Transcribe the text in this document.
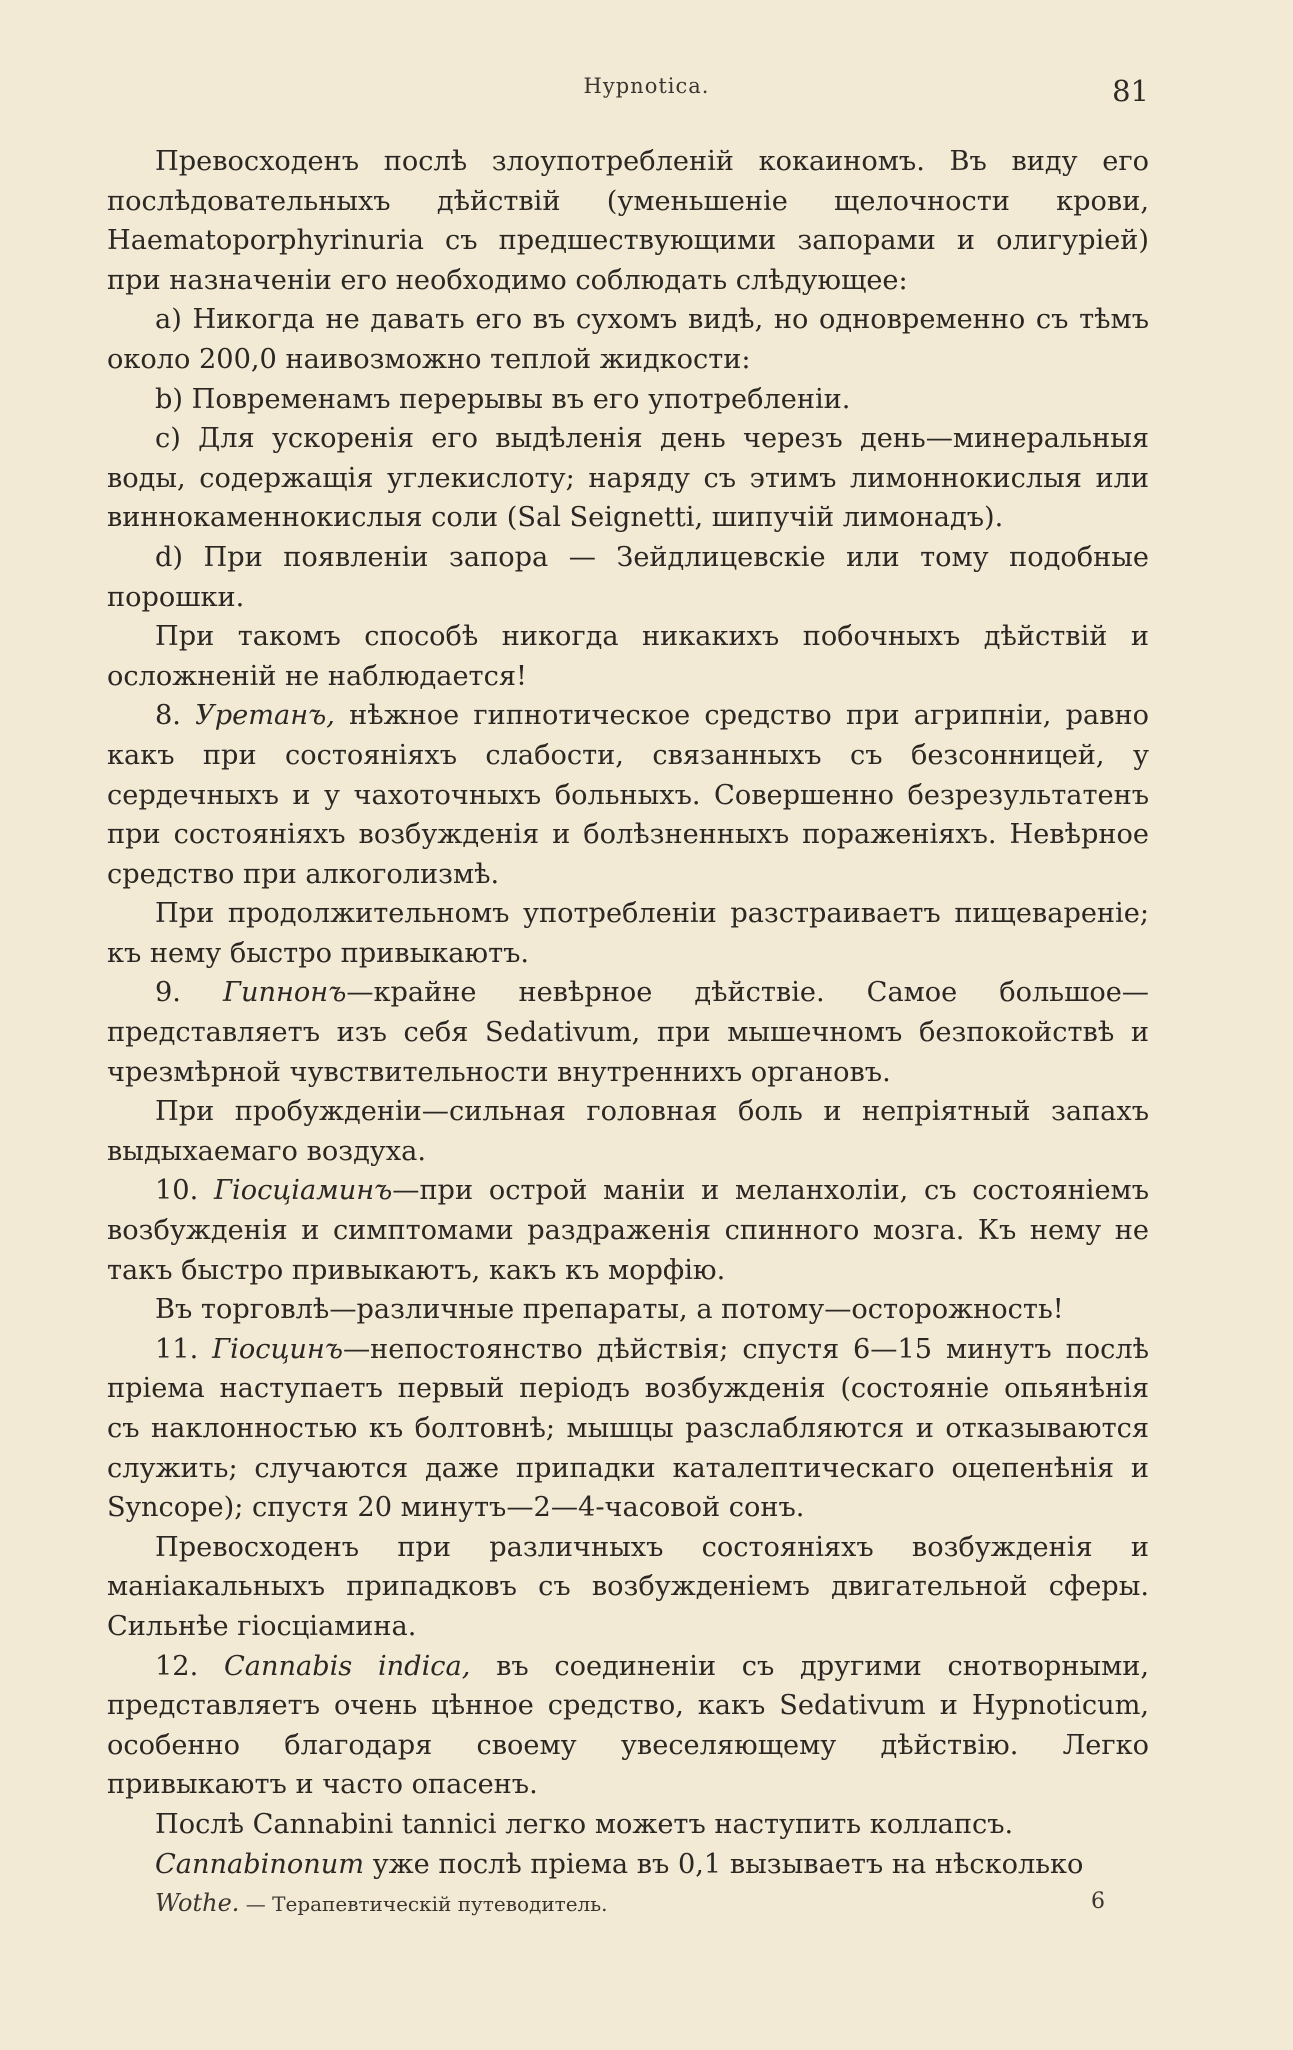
Hypnotica.	81

Превосходенъ послѣ злоупотребленій кокаиномъ. Въ виду его послѣдовательныхъ дѣйствій (уменьшеніе щелочности крови, Haematoporphyrinuria съ предшествующими запорами и олигуріей) при назначеніи его необходимо соблюдать слѣдующее:

a) Никогда не давать его въ сухомъ видѣ, но одновременно съ тѣмъ около 200,0 наивозможно теплой жидкости:

b) Повременамъ перерывы въ его употребленіи.

c) Для ускоренія его выдѣленія день черезъ день—минеральныя воды, содержащія углекислоту; наряду съ этимъ лимоннокислыя или виннокаменнокислыя соли (Sal Seignetti, шипучій лимонадъ).

d) При появленіи запора — Зейдлицевскіе или тому подобные порошки.

При такомъ способѣ никогда никакихъ побочныхъ дѣйствій и осложненій не наблюдается!

8. Уретанъ, нѣжное гипнотическое средство при агрипніи, равно какъ при состояніяхъ слабости, связанныхъ съ безсонницей, у сердечныхъ и у чахоточныхъ больныхъ. Совершенно безрезультатенъ при состояніяхъ возбужденія и болѣзненныхъ пораженіяхъ. Невѣрное средство при алкоголизмѣ.

При продолжительномъ употребленіи разстраиваетъ пищевареніе; къ нему быстро привыкаютъ.

9. Гипнонъ—крайне невѣрное дѣйствіе. Самое большое—представляетъ изъ себя Sedativum, при мышечномъ безпокойствѣ и чрезмѣрной чувствительности внутреннихъ органовъ.

При пробужденіи—сильная головная боль и непріятный запахъ выдыхаемаго воздуха.

10. Гіосціаминъ—при острой маніи и меланхоліи, съ состояніемъ возбужденія и симптомами раздраженія спинного мозга. Къ нему не такъ быстро привыкаютъ, какъ къ морфію.

Въ торговлѣ—различные препараты, а потому—осторожность!

11. Гіосцинъ—непостоянство дѣйствія; спустя 6—15 минутъ послѣ пріема наступаетъ первый періодъ возбужденія (состояніе опьянѣнія съ наклонностью къ болтовнѣ; мышцы разслабляются и отказываются служить; случаются даже припадки каталептическаго оцепенѣнія и Syncope); спустя 20 минутъ—2—4-часовой сонъ.

Превосходенъ при различныхъ состояніяхъ возбужденія и маніакальныхъ припадковъ съ возбужденіемъ двигательной сферы. Сильнѣе гіосціамина.

12. Cannabis indica, въ соединеніи съ другими снотворными, представляетъ очень цѣнное средство, какъ Sedativum и Hypnoticum, особенно благодаря своему увеселяющему дѣйствію. Легко привыкаютъ и часто опасенъ.

Послѣ Cannabini tannici легко можетъ наступить коллапсъ.

Cannabinonum уже послѣ пріема въ 0,1 вызываетъ на нѣсколько

Wothe. — Терапевтическій путеводитель.	6
